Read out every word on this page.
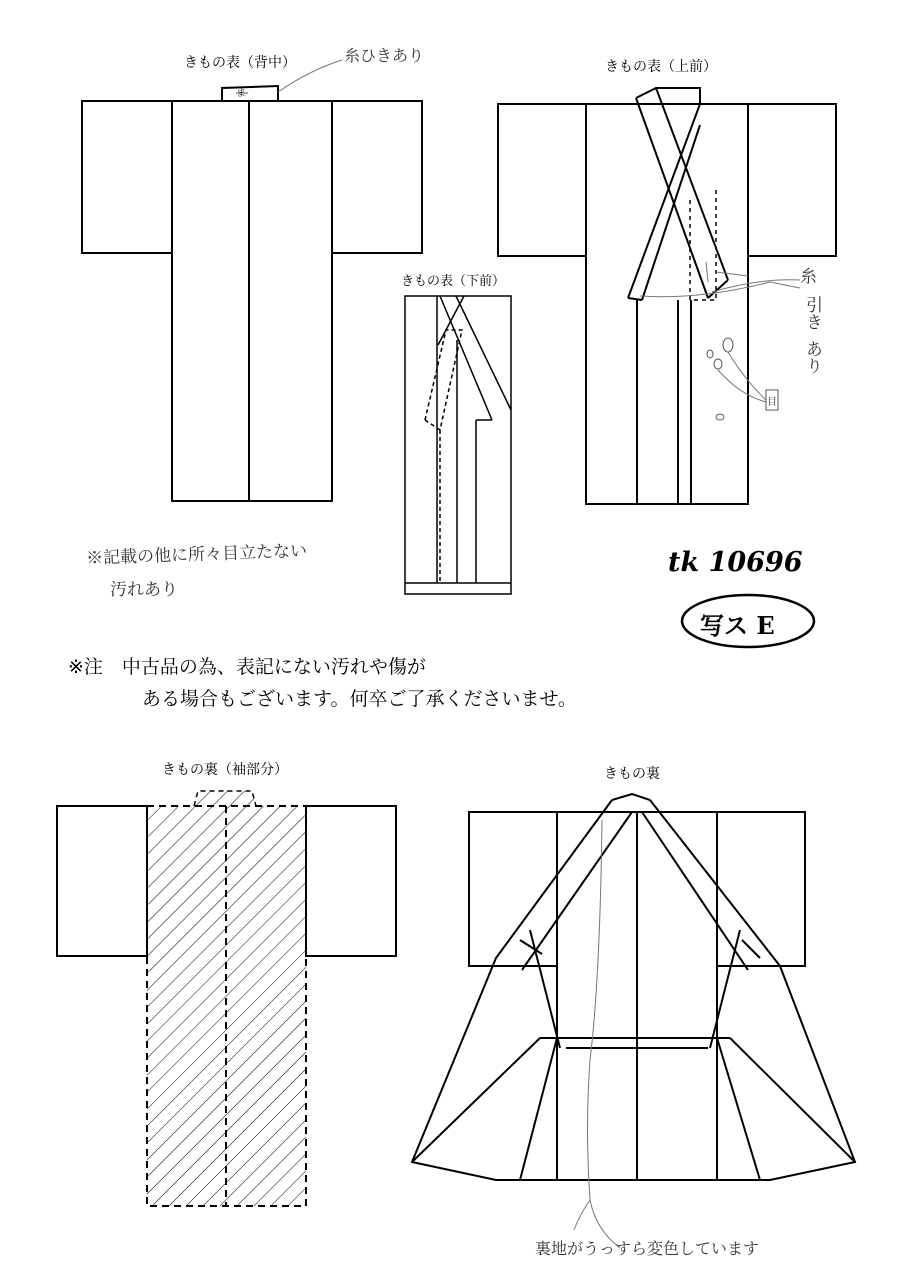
きもの表（背中）	きもの表（上前）
きもの表（下前）
きもの裏（袖部分）	きもの裏
糸ひきあり
ま
糸
引き
あり
目
※記載の他に所々目立たない
汚れあり
tk 10696
写ス E
裏地がうっすら変色しています
※注　中古品の為、表記にない汚れや傷が
ある場合もございます。何卒ご了承くださいませ。
